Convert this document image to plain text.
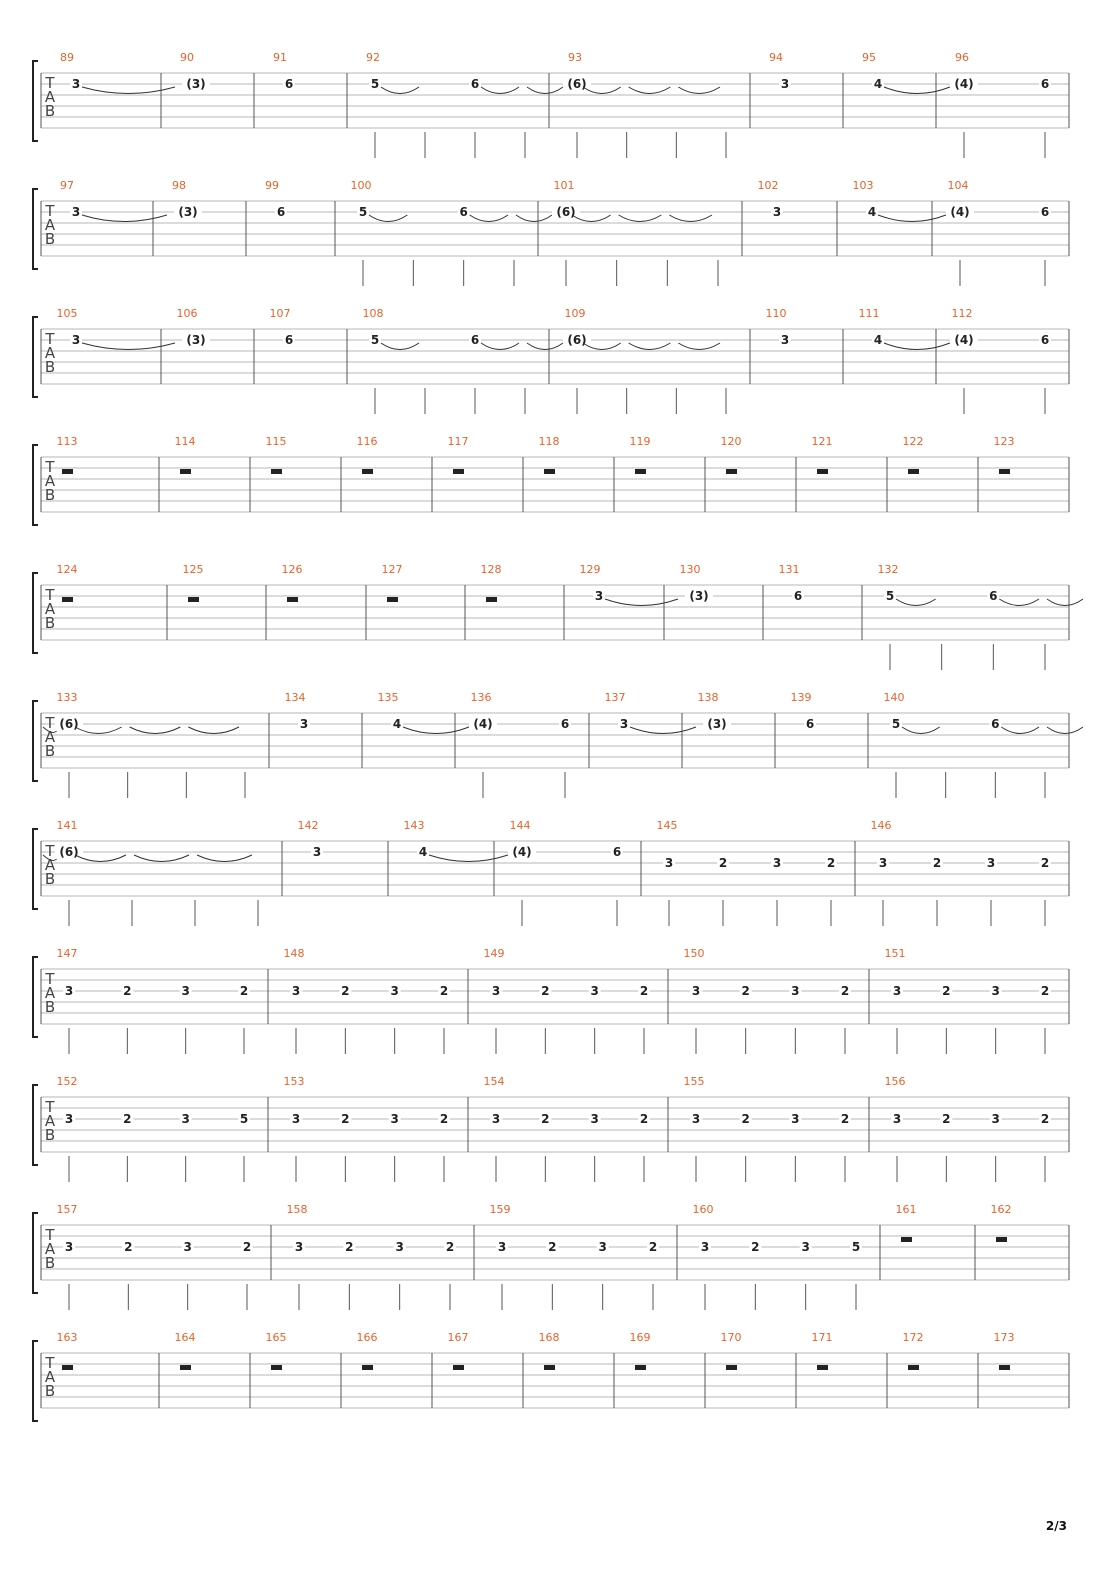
T
A
B
89
3
90
(3)
91
6
92
5	6
93
(6)
94
3
95
4
96
(4)	6
T
A
B
97
3
98
(3)
99
6
100
5	6
101
(6)
102
3
103
4
104
(4)	6
T
A
B
105
3
106
(3)
107
6
108
5	6
109
(6)
110
3
111
4
112
(4)	6
T
A
B
113	114	115	116	117	118	119	120	121	122	123
T
A
B
124	125	126	127	128	129
3
130
(3)
131
6
132
5	6
T
A
B
133
(6)
134
3
135
4
136
(4)	6
137
3
138
(3)
139
6
140
5	6
T
A
B
141
(6)
142
3
143
4
144
(4)	6
145
3	2	3	2
146
3	2	3	2
T
A
B
147
3	2	3	2
148
3	2	3	2
149
3	2	3	2
150
3	2	3	2
151
3	2	3	2
T
A
B
152
3	2	3	5
153
3	2	3	2
154
3	2	3	2
155
3	2	3	2
156
3	2	3	2
T
A
B
157
3	2	3	2
158
3	2	3	2
159
3	2	3	2
160
3	2	3	5
161	162
T
A
B
163	164	165	166	167	168	169	170	171	172	173
2/3
